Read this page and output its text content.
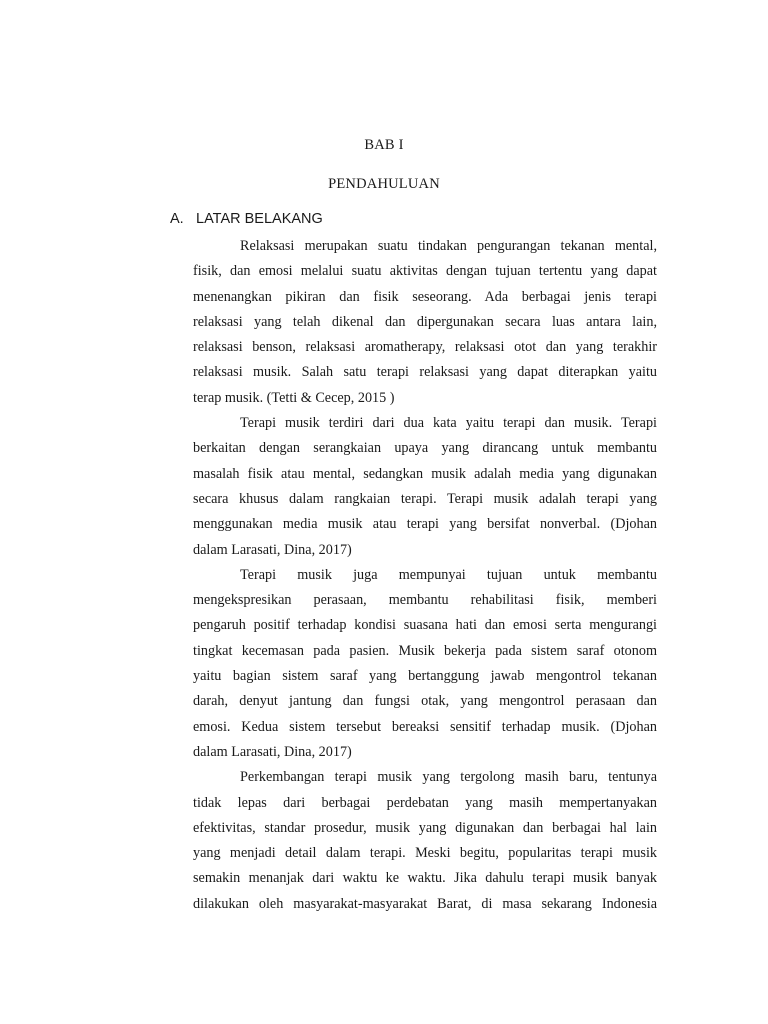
BAB I
PENDAHULUAN
A. LATAR BELAKANG

Relaksasi merupakan suatu tindakan pengurangan tekanan mental,
fisik, dan emosi melalui suatu aktivitas dengan tujuan tertentu yang dapat
menenangkan pikiran dan fisik seseorang. Ada berbagai jenis terapi
relaksasi yang telah dikenal dan dipergunakan secara luas antara lain,
relaksasi benson, relaksasi aromatherapy, relaksasi otot dan yang terakhir
relaksasi musik. Salah satu terapi relaksasi yang dapat diterapkan yaitu
terap musik. (Tetti & Cecep, 2015 )

Terapi musik terdiri dari dua kata yaitu terapi dan musik. Terapi
berkaitan dengan serangkaian upaya yang dirancang untuk membantu
masalah fisik atau mental, sedangkan musik adalah media yang digunakan
secara khusus dalam rangkaian terapi. Terapi musik adalah terapi yang
menggunakan media musik atau terapi yang bersifat nonverbal. (Djohan
dalam Larasati, Dina, 2017)

Terapi musik juga mempunyai tujuan untuk membantu
mengekspresikan perasaan, membantu rehabilitasi fisik, memberi
pengaruh positif terhadap kondisi suasana hati dan emosi serta mengurangi
tingkat kecemasan pada pasien. Musik bekerja pada sistem saraf otonom
yaitu bagian sistem saraf yang bertanggung jawab mengontrol tekanan
darah, denyut jantung dan fungsi otak, yang mengontrol perasaan dan
emosi. Kedua sistem tersebut bereaksi sensitif terhadap musik. (Djohan
dalam Larasati, Dina, 2017)

Perkembangan terapi musik yang tergolong masih baru, tentunya
tidak lepas dari berbagai perdebatan yang masih mempertanyakan
efektivitas, standar prosedur, musik yang digunakan dan berbagai hal lain
yang menjadi detail dalam terapi. Meski begitu, popularitas terapi musik
semakin menanjak dari waktu ke waktu. Jika dahulu terapi musik banyak
dilakukan oleh masyarakat-masyarakat Barat, di masa sekarang Indonesia
